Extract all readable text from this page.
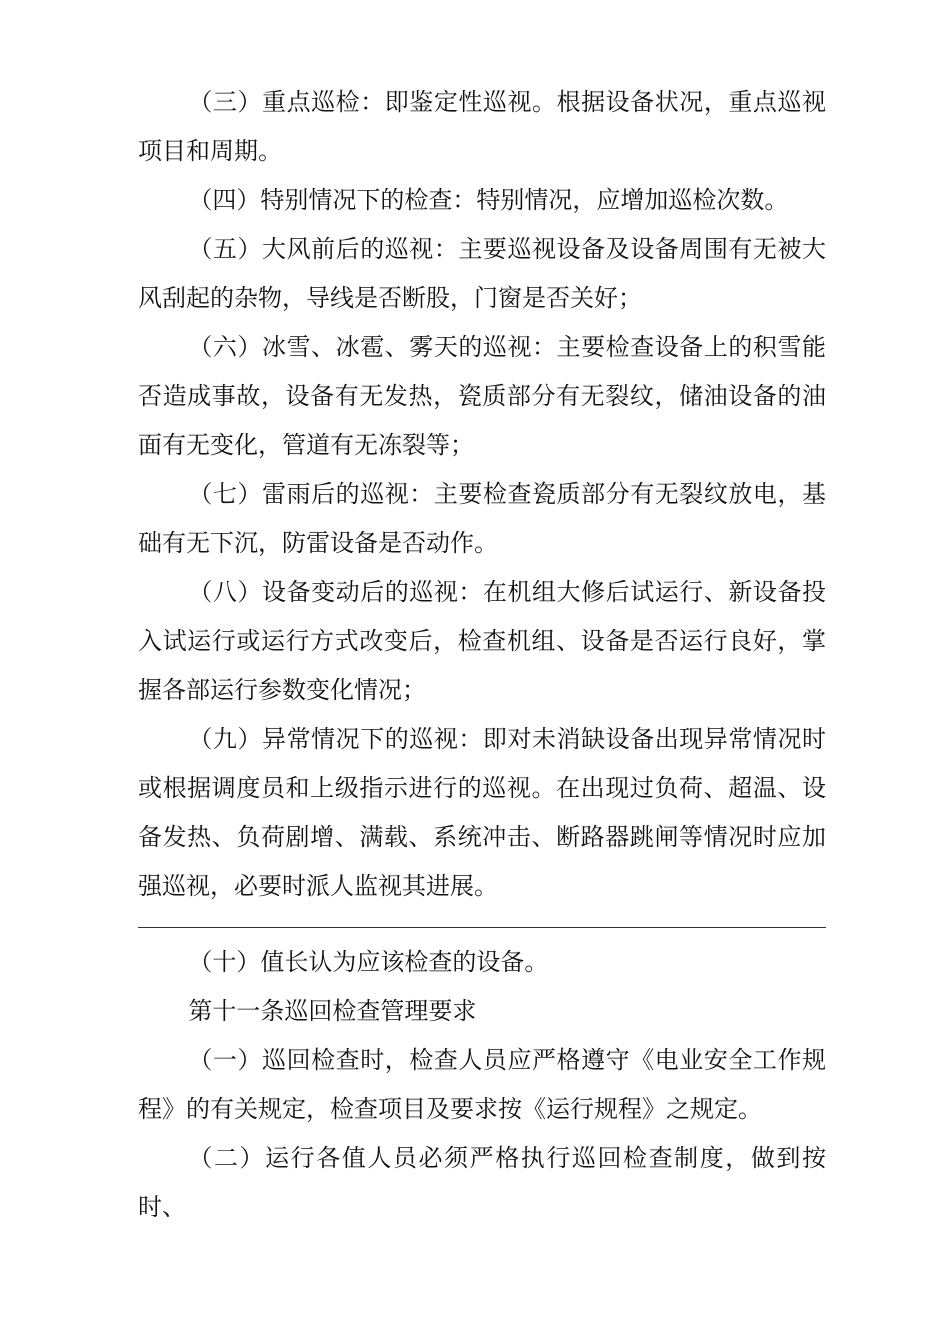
（三）重点巡检：即鉴定性巡视。根据设备状况，重点巡视项目和周期。

（四）特别情况下的检查：特别情况，应增加巡检次数。

（五）大风前后的巡视：主要巡视设备及设备周围有无被大风刮起的杂物，导线是否断股，门窗是否关好；

（六）冰雪、冰雹、雾天的巡视：主要检查设备上的积雪能否造成事故，设备有无发热，瓷质部分有无裂纹，储油设备的油面有无变化，管道有无冻裂等；

（七）雷雨后的巡视：主要检查瓷质部分有无裂纹放电，基础有无下沉，防雷设备是否动作。

（八）设备变动后的巡视：在机组大修后试运行、新设备投入试运行或运行方式改变后，检查机组、设备是否运行良好，掌握各部运行参数变化情况；

（九）异常情况下的巡视：即对未消缺设备出现异常情况时或根据调度员和上级指示进行的巡视。在出现过负荷、超温、设备发热、负荷剧增、满载、系统冲击、断路器跳闸等情况时应加强巡视，必要时派人监视其进展。

（十）值长认为应该检查的设备。

第十一条巡回检查管理要求

（一）巡回检查时，检查人员应严格遵守《电业安全工作规程》的有关规定，检查项目及要求按《运行规程》之规定。

（二）运行各值人员必须严格执行巡回检查制度，做到按时、
